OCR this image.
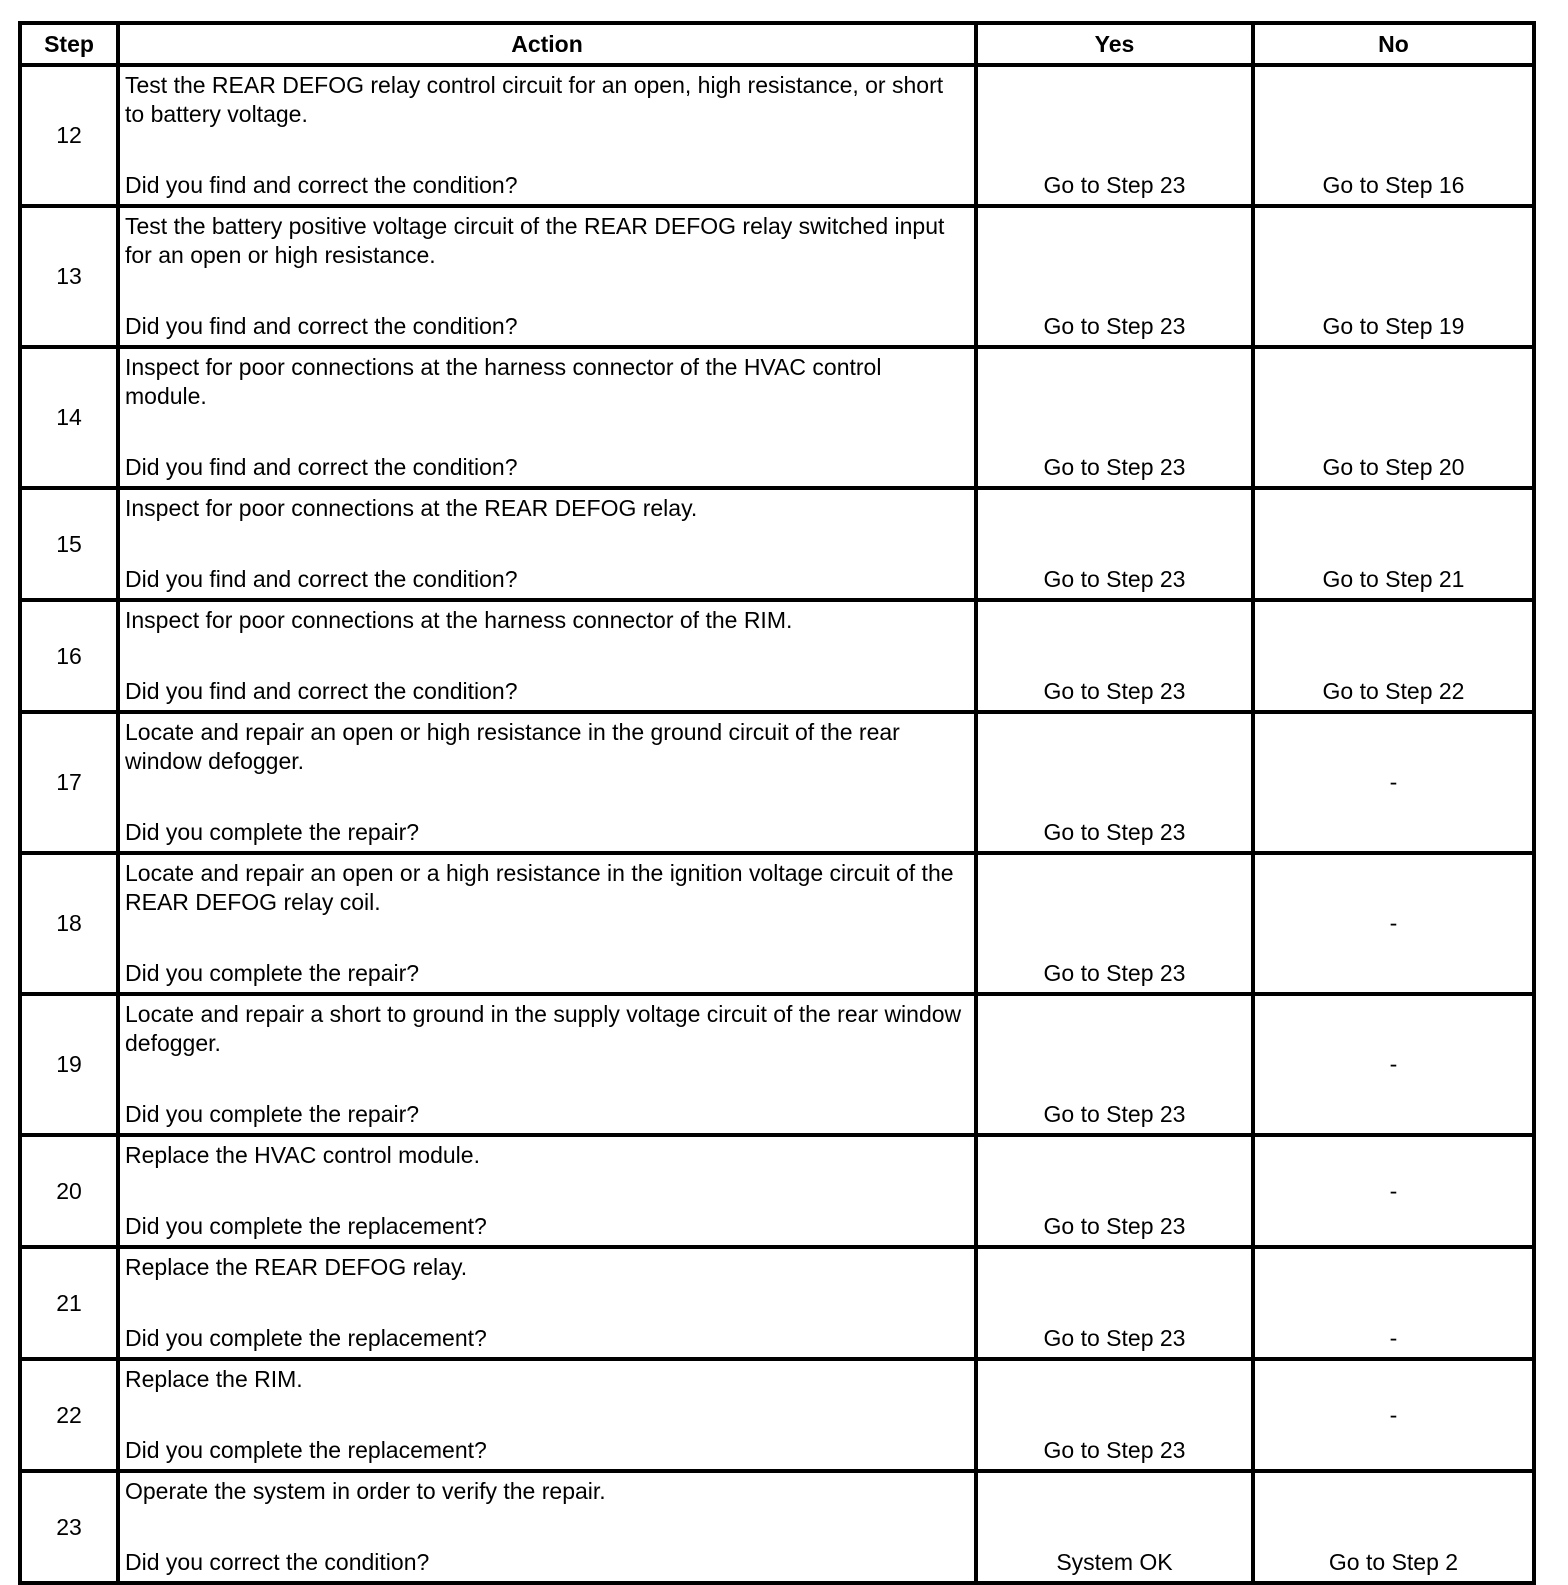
Step	Action	Yes	No
12	Test the REAR DEFOG relay control circuit for an open, high resistance, or short to battery voltage.
Did you find and correct the condition?	Go to Step 23	Go to Step 16
13	Test the battery positive voltage circuit of the REAR DEFOG relay switched input for an open or high resistance.
Did you find and correct the condition?	Go to Step 23	Go to Step 19
14	Inspect for poor connections at the harness connector of the HVAC control module.
Did you find and correct the condition?	Go to Step 23	Go to Step 20
15	Inspect for poor connections at the REAR DEFOG relay.
Did you find and correct the condition?	Go to Step 23	Go to Step 21
16	Inspect for poor connections at the harness connector of the RIM.
Did you find and correct the condition?	Go to Step 23	Go to Step 22
17	Locate and repair an open or high resistance in the ground circuit of the rear window defogger.
Did you complete the repair?	Go to Step 23	-
18	Locate and repair an open or a high resistance in the ignition voltage circuit of the REAR DEFOG relay coil.
Did you complete the repair?	Go to Step 23	-
19	Locate and repair a short to ground in the supply voltage circuit of the rear window defogger.
Did you complete the repair?	Go to Step 23	-
20	Replace the HVAC control module.
Did you complete the replacement?	Go to Step 23	-
21	Replace the REAR DEFOG relay.
Did you complete the replacement?	Go to Step 23	-
22	Replace the RIM.
Did you complete the replacement?	Go to Step 23	-
23	Operate the system in order to verify the repair.
Did you correct the condition?	System OK	Go to Step 2
